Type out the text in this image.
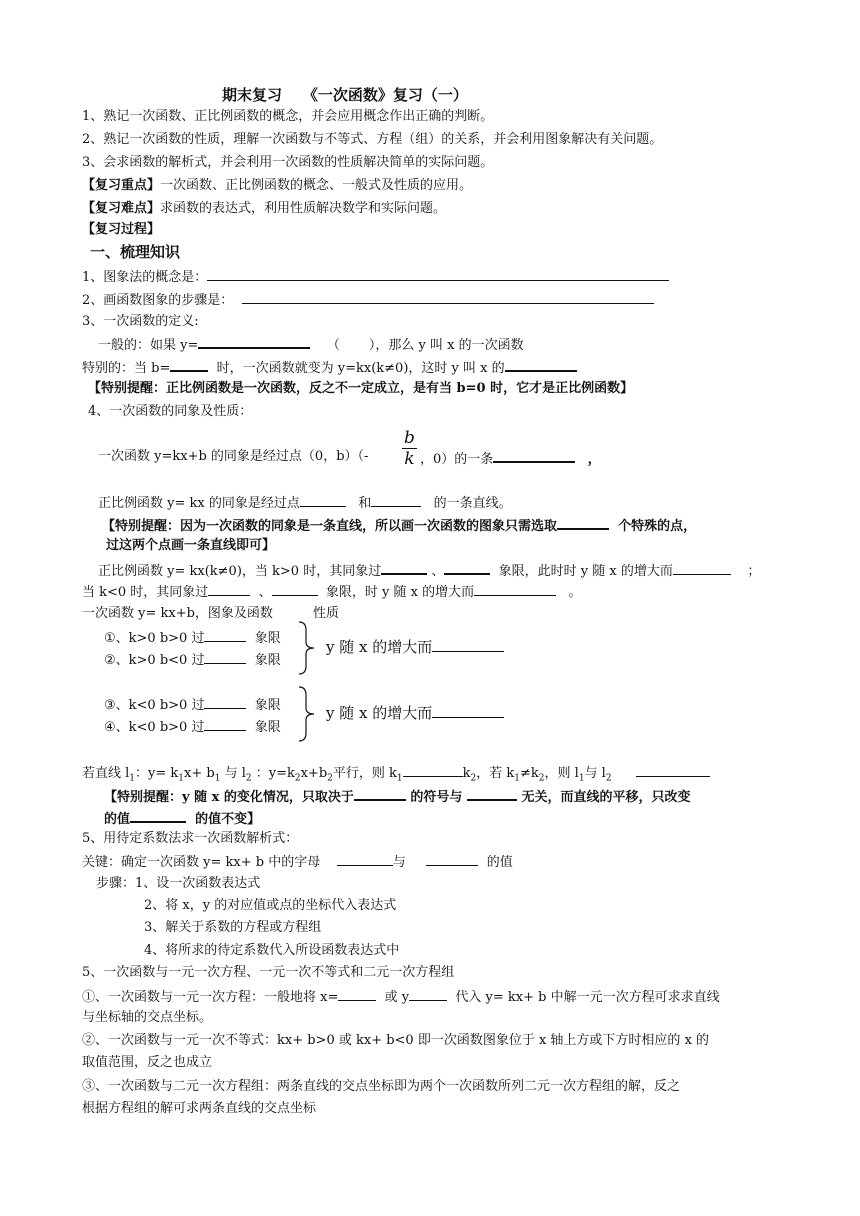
期末复习 《一次函数》复习（一）
1、熟记一次函数、正比例函数的概念，并会应用概念作出正确的判断。
2、熟记一次函数的性质，理解一次函数与不等式、方程（组）的关系，并会利用图象解决有关问题。
3、会求函数的解析式，并会利用一次函数的性质解决简单的实际问题。
【复习重点】一次函数、正比例函数的概念、一般式及性质的应用。
【复习难点】求函数的表达式，利用性质解决数学和实际问题。
【复习过程】
一、梳理知识
1、图象法的概念是：
2、画函数图象的步骤是：
3、一次函数的定义:
一般的：如果 y=	（ ），那么 y 叫 x 的一次函数
特别的：当 b=	时，一次函数就变为 y=kx(k≠0)，这时 y 叫 x 的
【特别提醒：正比例函数是一次函数，反之不一定成立，是有当 b=0 时，它才是正比例函数】
4、一次函数的同象及性质：
一次函数 y=kx+b 的同象是经过点（0，$b)(- \frac{b}{k}$ ，0）的一条	，
正比例函数 y= kx 的同象是经过点	和	的一条直线。
【特别提醒：因为一次函数的同象是一条直线，所以画一次函数的图象只需选取	个特殊的点，
过这两个点画一条直线即可】
正比例函数 y= kx(k≠0)，当 k>0 时，其同象过	、	象限，此时时 y 随 x 的增大而	；
当 k<0 时，其同象过	、	象限，时 y 随 x 的增大而	。
一次函数 y= kx+b，图象及函数	性质
①、k>0 b>0 过	象限
②、k>0 b<0 过	象限
y 随 x 的增大而
③、k<0 b>0 过	象限
④、k<0 b>0 过	象限
y 随 x 的增大而
若直线 $l_1$：$y= k_1x+ b_1$ 与 $l_2$ ：$y=k_2x+b_2$平行，则 $k_1$	$k_2$，若 $k_1\ne k_2$，则 $l_1$与 $l_2$
【特别提醒：y 随 x 的变化情况，只取决于	的符号与	无关，而直线的平移，只改变
的值	的值不变】
5、用待定系数法求一次函数解析式：
关键：确定一次函数 y= kx+ b 中的字母	与	的值
步骤：1、设一次函数表达式
2、将 x，y 的对应值或点的坐标代入表达式
3、解关于系数的方程或方程组
4、将所求的待定系数代入所设函数表达式中
5、一次函数与一元一次方程、一元一次不等式和二元一次方程组
①、一次函数与一元一次方程：一般地将 x=	或 y	代入 y= kx+ b 中解一元一次方程可求求直线
与坐标轴的交点坐标。
②、一次函数与一元一次不等式：kx+ b>0 或 kx+ b<0 即一次函数图象位于 x 轴上方或下方时相应的 x 的
取值范围，反之也成立
③、一次函数与二元一次方程组：两条直线的交点坐标即为两个一次函数所列二元一次方程组的解，反之
根据方程组的解可求两条直线的交点坐标
